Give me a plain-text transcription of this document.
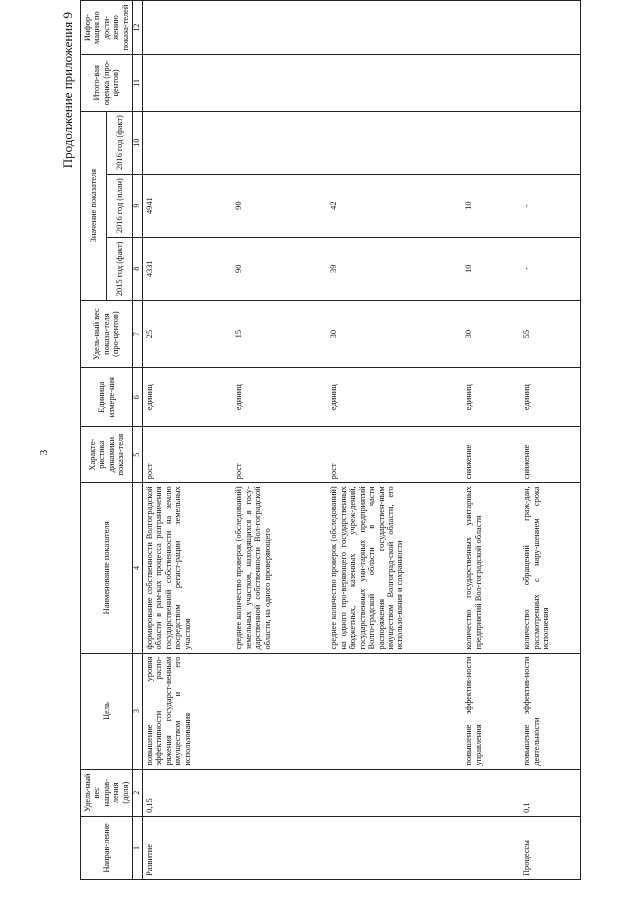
3
Продолжение приложения 9
Направ-ление	Удель-ный вес направ-ления (доля)	Цель	Наименование показателя	Характе-ристика динамики показа-теля	Единица измере-ния	Удель-ный вес показа-теля (про-центов)	Значение показателя			Итого-вая оценка (про-центов)	Инфор-мация по дости-жению показа-телей
							2015 год (факт)	2016 год (план)	2016 год (факт)		
1	2	3	4	5	6	7	8	9	10	11	12
Развитие	0,15	повышение уровня эффективности распо-ряжения государст-венным имуществом и его использования	формирование собственности Волгоградской области в рам-ках процесса разграничения государственной собственности на землю посредством регист-рации земельных участков	рост	единиц	25	4331	4941			
			среднее количество проверок (обследований) земельных участков, находящихся в госу-дарственной собственности Вол-гоградской области, на одного проверяющего	рост	единиц	15	90	90			
			среднее количество проверок (обследований) на одного про-веряющего государственных бюджетных, казенных учреж-дений, государственных уни-тарных предприятий Волго-градской области в части распоряжения государствен-ным имуществом Волгоград-ской области, его использо-вания и сохранности	рост	единиц	30	39	42			
		повышение эффектив-ности управления	количество государственных унитарных предприятий Вол-гоградской области	снижение	единиц	30	10	10			
Процессы	0,1	повышение эффектив-ности деятельности	количество обращений граж-дан, рассмотренных с нару-шением срока исполнения	снижение	единиц	55	-	-			
